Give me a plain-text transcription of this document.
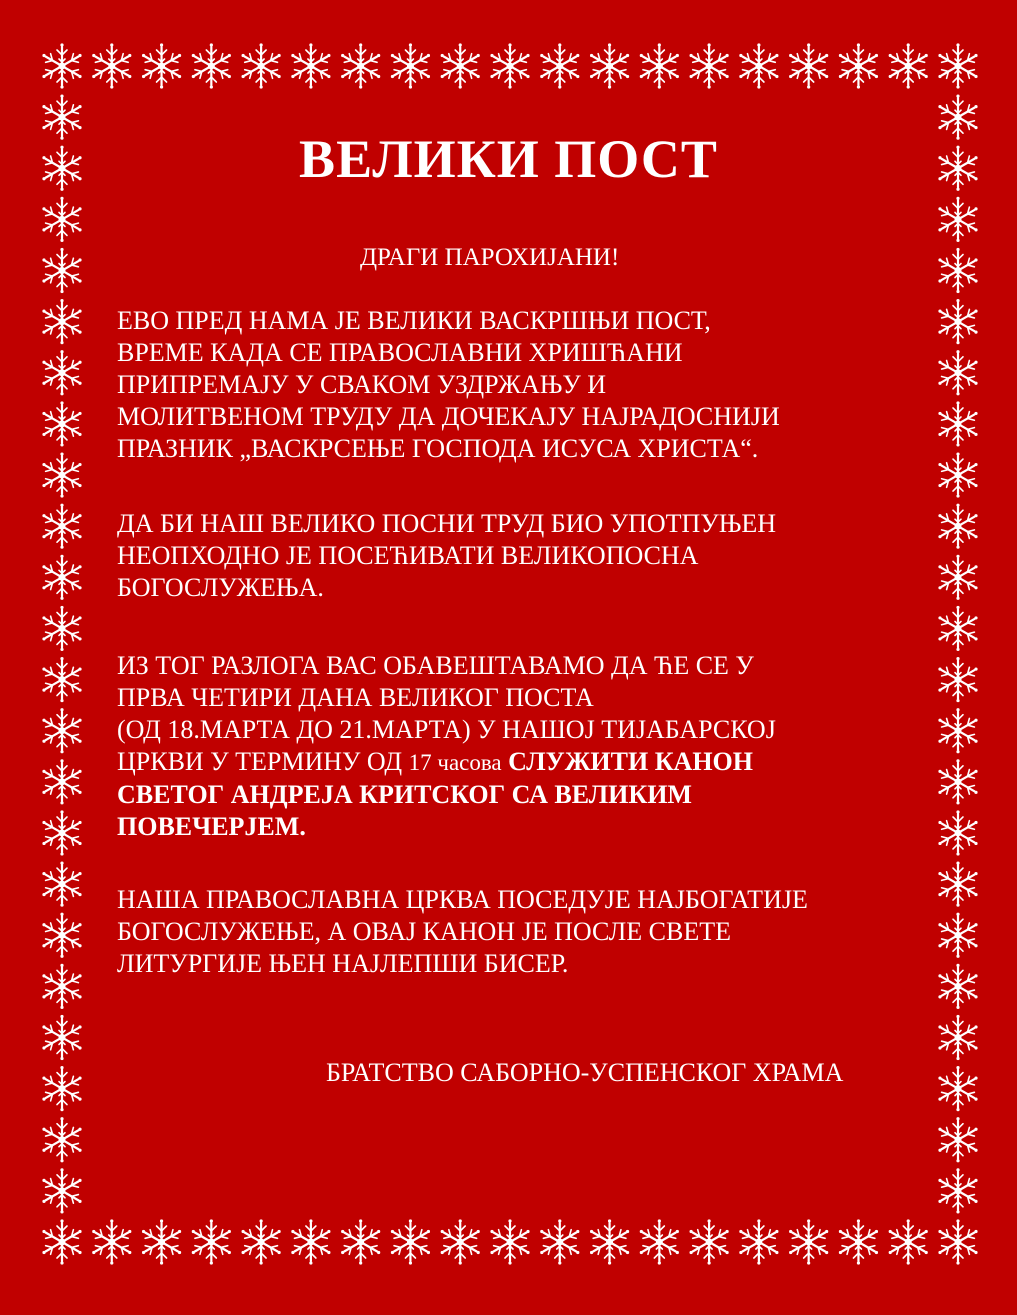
ВЕЛИКИ ПОСТ

ДРАГИ ПАРОХИЈАНИ!

ЕВО ПРЕД НАМА ЈЕ ВЕЛИКИ ВАСКРШЊИ ПОСТ,
ВРЕМЕ КАДА СЕ ПРАВОСЛАВНИ ХРИШЋАНИ
ПРИПРЕМАЈУ У СВАКОМ УЗДРЖАЊУ И
МОЛИТВЕНОМ ТРУДУ ДА ДОЧЕКАЈУ НАЈРАДОСНИЈИ
ПРАЗНИК „ВАСКРСЕЊЕ ГОСПОДА ИСУСА ХРИСТА“.

ДА БИ НАШ ВЕЛИКО ПОСНИ ТРУД БИО УПОТПУЊЕН
НЕОПХОДНО ЈЕ ПОСЕЋИВАТИ ВЕЛИКОПОСНА
БОГОСЛУЖЕЊА.

ИЗ ТОГ РАЗЛОГА ВАС ОБАВЕШТАВАМО ДА ЋЕ СЕ У
ПРВА ЧЕТИРИ ДАНА ВЕЛИКОГ ПОСТА
(ОД 18.МАРТА ДО 21.МАРТА) У НАШОЈ ТИЈАБАРСКОЈ
ЦРКВИ У ТЕРМИНУ ОД 17 часова СЛУЖИТИ КАНОН
СВЕТОГ АНДРЕЈА КРИТСКОГ СА ВЕЛИКИМ
ПОВЕЧЕРЈЕМ.

НАША ПРАВОСЛАВНА ЦРКВА ПОСЕДУЈЕ НАЈБОГАТИЈЕ
БОГОСЛУЖЕЊЕ, А ОВАЈ КАНОН ЈЕ ПОСЛЕ СВЕТЕ
ЛИТУРГИЈЕ ЊЕН НАЈЛЕПШИ БИСЕР.

БРАТСТВО САБОРНО-УСПЕНСКОГ ХРАМА
